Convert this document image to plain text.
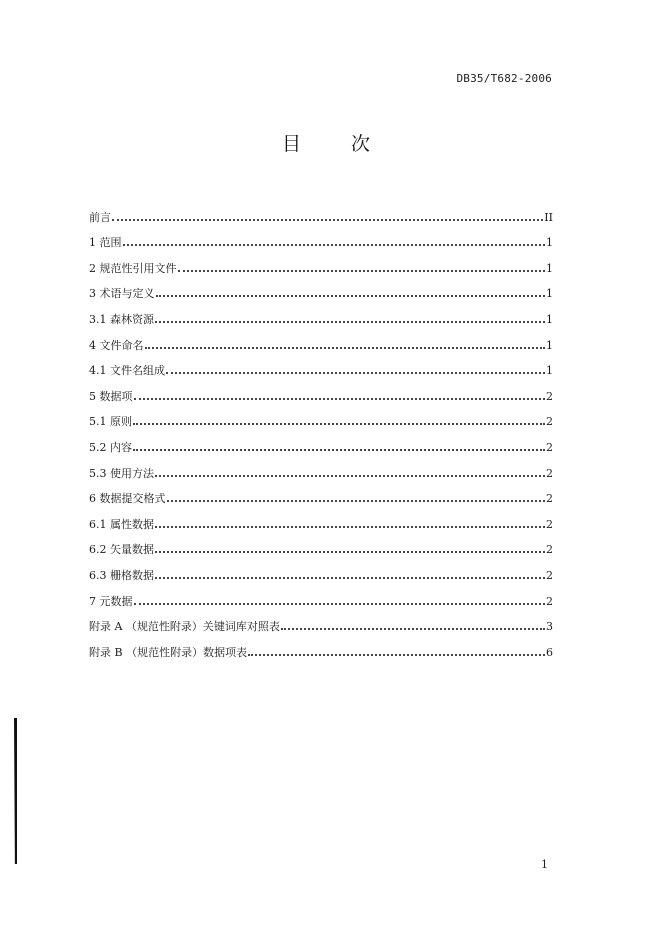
DB35/T682-2006
目 次
前言	II
1 范围	1
2 规范性引用文件	1
3 术语与定义	1
3.1 森林资源	1
4 文件命名	1
4.1 文件名组成	1
5 数据项	2
5.1 原则	2
5.2 内容	2
5.3 使用方法	2
6 数据提交格式	2
6.1 属性数据	2
6.2 矢量数据	2
6.3 栅格数据	2
7 元数据	2
附录 A （规范性附录）关键词库对照表	3
附录 B （规范性附录）数据项表	6
1
